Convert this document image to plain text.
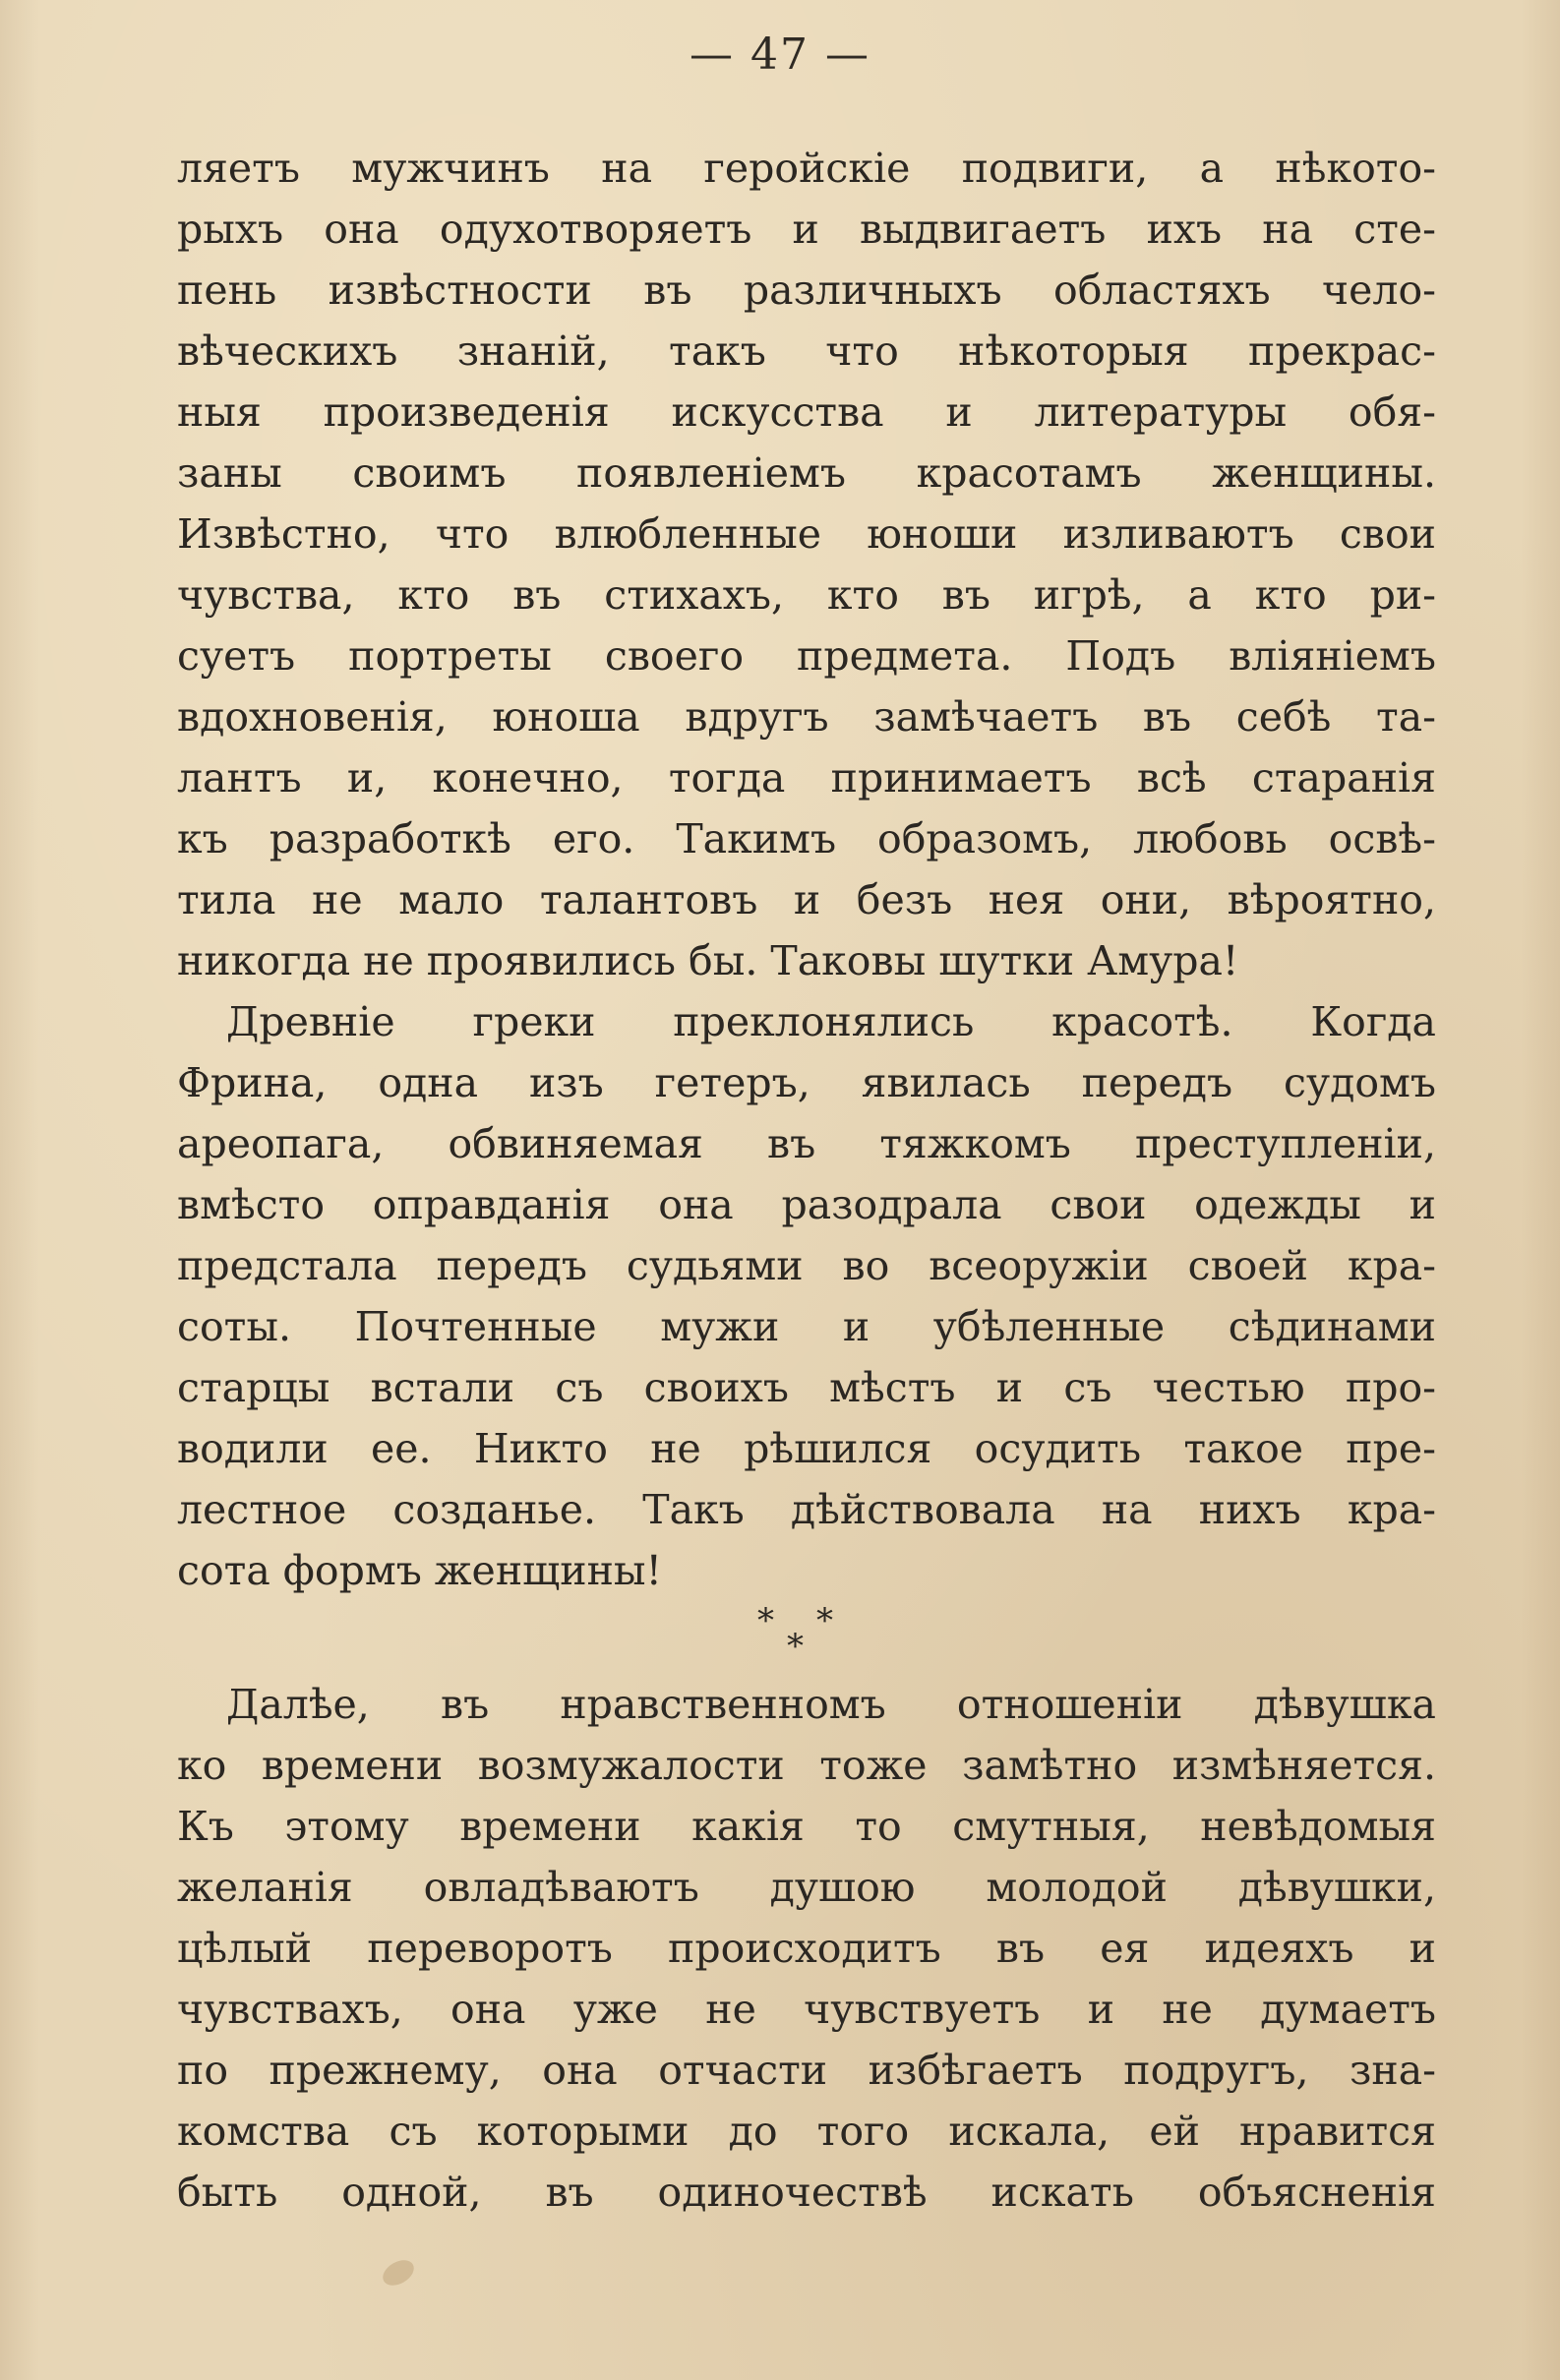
— 47 —
ляетъ мужчинъ на геройскіе подвиги, а нѣкото-
рыхъ она одухотворяетъ и выдвигаетъ ихъ на сте-
пень извѣстности въ различныхъ областяхъ чело-
вѣческихъ знаній, такъ что нѣкоторыя прекрас-
ныя произведенія искусства и литературы обя-
заны своимъ появленіемъ красотамъ женщины.
Извѣстно, что влюбленные юноши изливаютъ свои
чувства, кто въ стихахъ, кто въ игрѣ, а кто ри-
суетъ портреты своего предмета. Подъ вліяніемъ
вдохновенія, юноша вдругъ замѣчаетъ въ себѣ та-
лантъ и, конечно, тогда принимаетъ всѣ старанія
къ разработкѣ его. Такимъ образомъ, любовь освѣ-
тила не мало талантовъ и безъ нея они, вѣроятно,
никогда не проявились бы. Таковы шутки Амура!
Древніе греки преклонялись красотѣ. Когда
Фрина, одна изъ гетеръ, явилась передъ судомъ
ареопага, обвиняемая въ тяжкомъ преступленіи,
вмѣсто оправданія она разодрала свои одежды и
предстала передъ судьями во всеоружіи своей кра-
соты. Почтенные мужи и убѣленные сѣдинами
старцы встали съ своихъ мѣстъ и съ честью про-
водили ее. Никто не рѣшился осудить такое пре-
лестное созданье. Такъ дѣйствовала на нихъ кра-
сота формъ женщины!
* *
*
Далѣе, въ нравственномъ отношеніи дѣвушка
ко времени возмужалости тоже замѣтно измѣняется.
Къ этому времени какія то смутныя, невѣдомыя
желанія овладѣваютъ душою молодой дѣвушки,
цѣлый переворотъ происходитъ въ ея идеяхъ и
чувствахъ, она уже не чувствуетъ и не думаетъ
по прежнему, она отчасти избѣгаетъ подругъ, зна-
комства съ которыми до того искала, ей нравится
быть одной, въ одиночествѣ искать объясненія
